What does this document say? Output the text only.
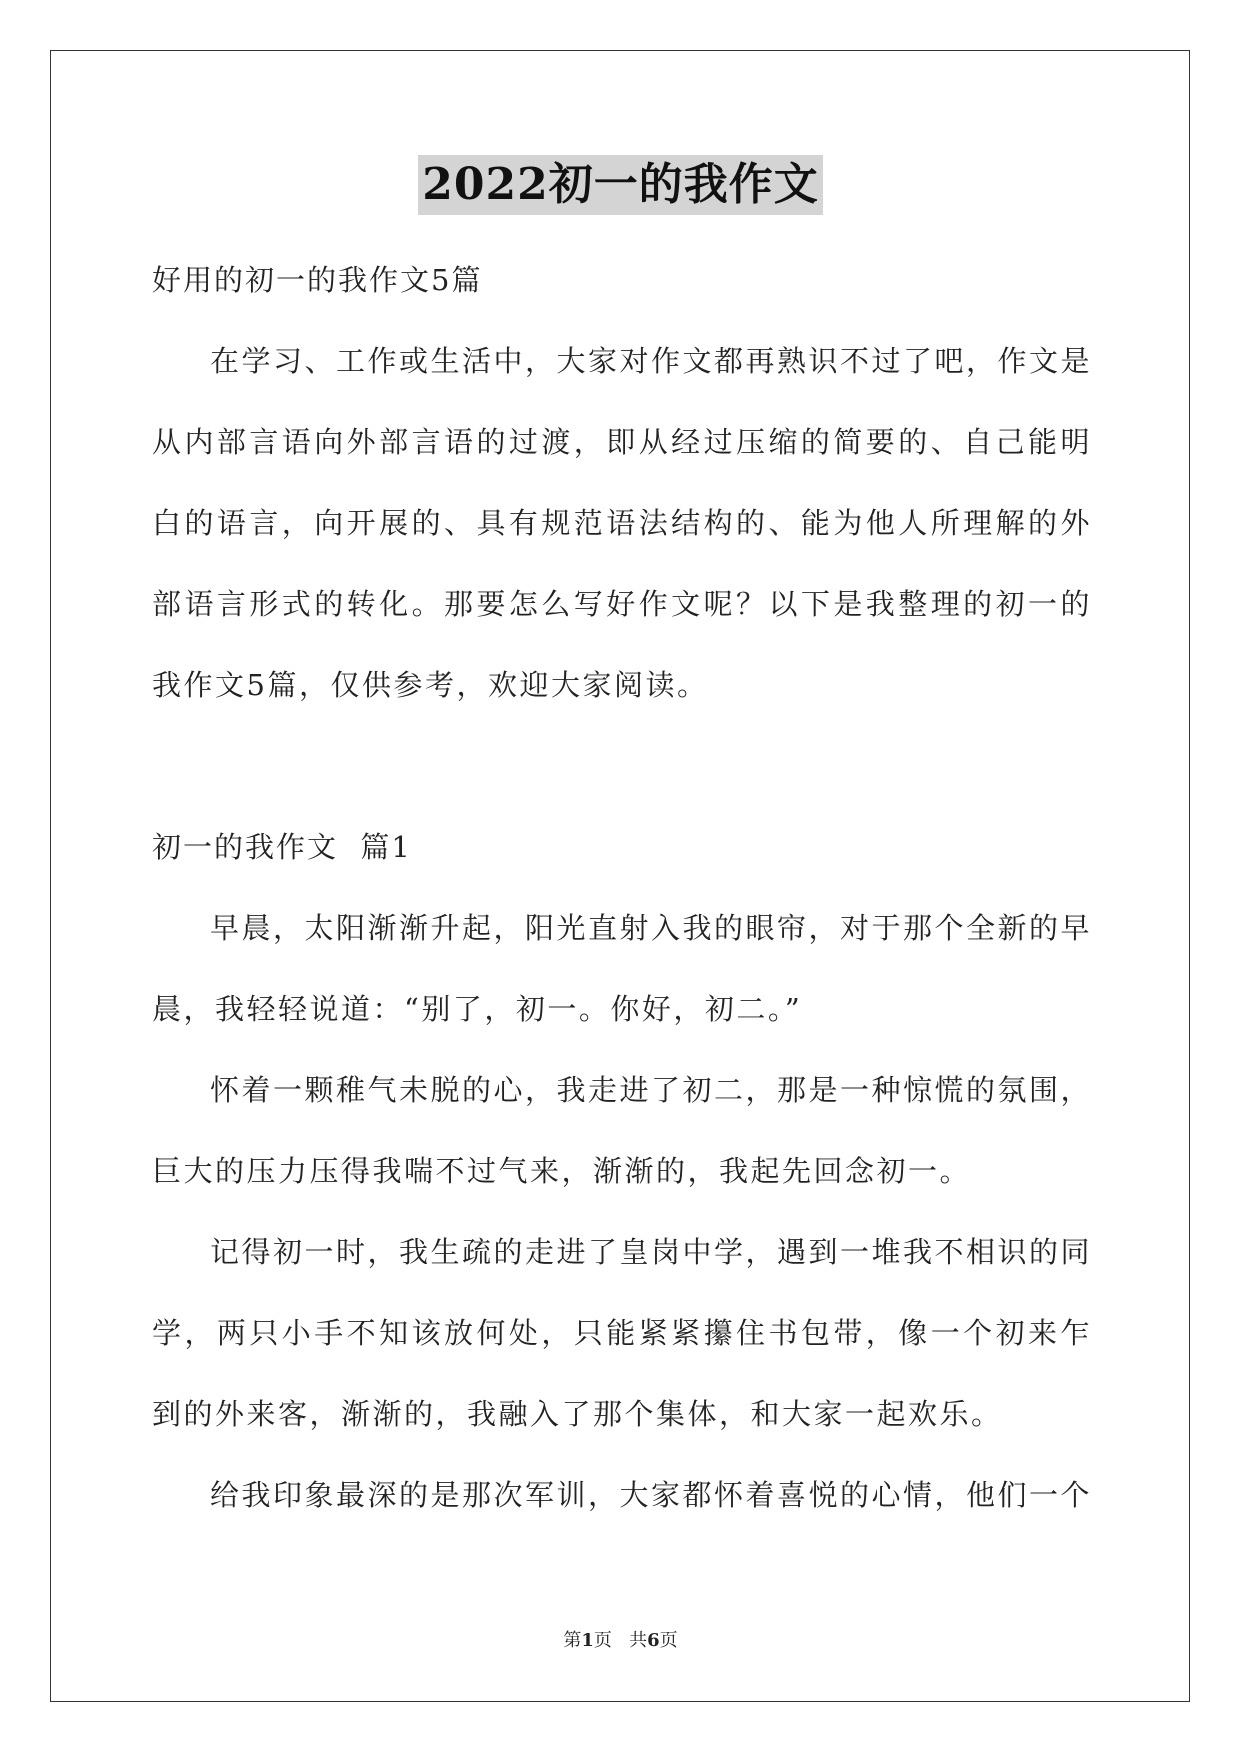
2022初一的我作文
好用的初一的我作文5篇

在学习、工作或生活中，大家对作文都再熟识不过了吧，作文是从内部言语向外部言语的过渡，即从经过压缩的简要的、自己能明白的语言，向开展的、具有规范语法结构的、能为他人所理解的外部语言形式的转化。那要怎么写好作文呢？以下是我整理的初一的我作文5篇，仅供参考，欢迎大家阅读。

初一的我作文  篇1

早晨，太阳渐渐升起，阳光直射入我的眼帘，对于那个全新的早晨，我轻轻说道：“别了，初一。你好，初二。”

怀着一颗稚气未脱的心，我走进了初二，那是一种惊慌的氛围，巨大的压力压得我喘不过气来，渐渐的，我起先回念初一。

记得初一时，我生疏的走进了皇岗中学，遇到一堆我不相识的同学，两只小手不知该放何处，只能紧紧攥住书包带，像一个初来乍到的外来客，渐渐的，我融入了那个集体，和大家一起欢乐。

给我印象最深的是那次军训，大家都怀着喜悦的心情，他们一个

第1页 共6页
